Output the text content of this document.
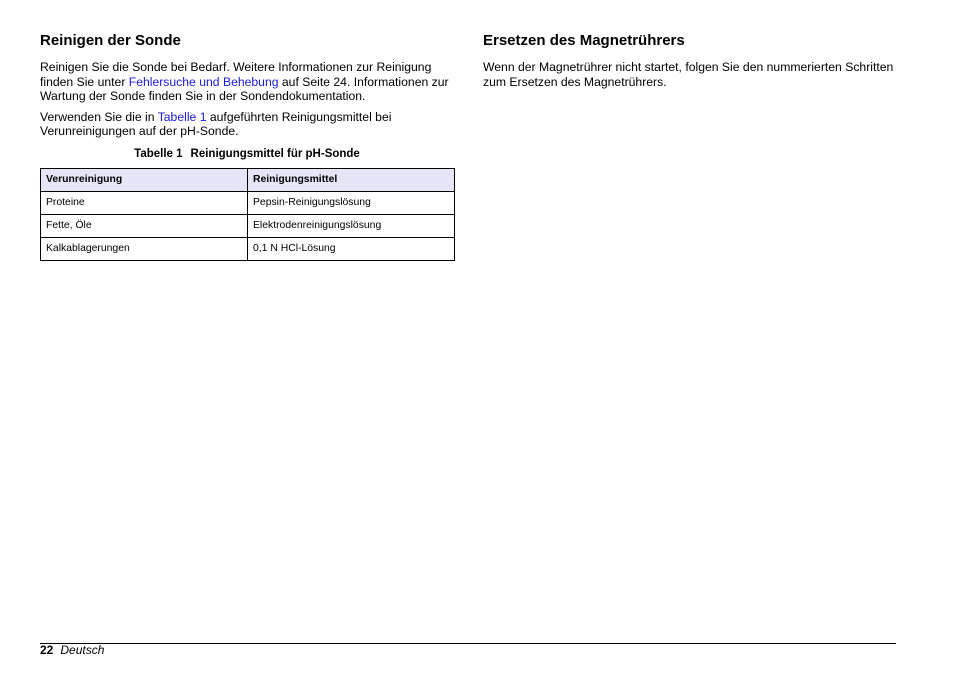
Reinigen der Sonde

Reinigen Sie die Sonde bei Bedarf. Weitere Informationen zur Reinigung finden Sie unter Fehlersuche und Behebung auf Seite 24. Informationen zur Wartung der Sonde finden Sie in der Sondendokumentation.

Verwenden Sie die in Tabelle 1 aufgeführten Reinigungsmittel bei Verunreinigungen auf der pH-Sonde.

Tabelle 1 Reinigungsmittel für pH-Sonde
Verunreinigung	Reinigungsmittel
Proteine	Pepsin-Reinigungslösung
Fette, Öle	Elektrodenreinigungslösung
Kalkablagerungen	0,1 N HCl-Lösung
Ersetzen des Magnetrührers

Wenn der Magnetrührer nicht startet, folgen Sie den nummerierten Schritten zum Ersetzen des Magnetrührers.

22 Deutsch
